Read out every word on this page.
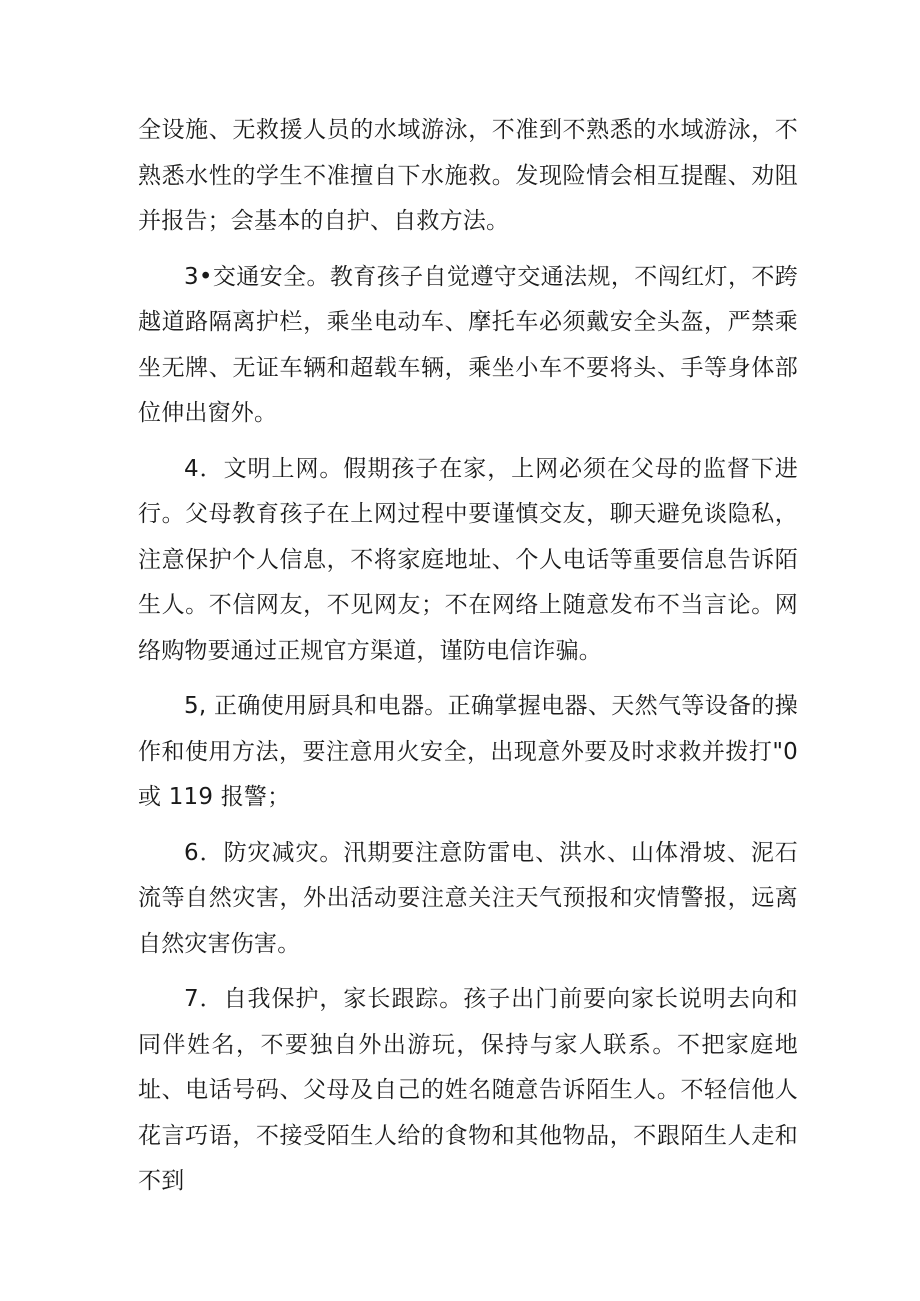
全设施、无救援人员的水域游泳，不准到不熟悉的水域游泳，不熟悉水性的学生不准擅自下水施救。发现险情会相互提醒、劝阻并报告；会基本的自护、自救方法。

3•交通安全。教育孩子自觉遵守交通法规，不闯红灯，不跨越道路隔离护栏，乘坐电动车、摩托车必须戴安全头盔，严禁乘坐无牌、无证车辆和超载车辆，乘坐小车不要将头、手等身体部位伸出窗外。

4．文明上网。假期孩子在家，上网必须在父母的监督下进行。父母教育孩子在上网过程中要谨慎交友，聊天避免谈隐私，注意保护个人信息，不将家庭地址、个人电话等重要信息告诉陌生人。不信网友，不见网友；不在网络上随意发布不当言论。网络购物要通过正规官方渠道，谨防电信诈骗。

5, 正确使用厨具和电器。正确掌握电器、天然气等设备的操作和使用方法，要注意用火安全，出现意外要及时求救并拨打"0或 119 报警；

6．防灾减灾。汛期要注意防雷电、洪水、山体滑坡、泥石流等自然灾害，外出活动要注意关注天气预报和灾情警报，远离自然灾害伤害。

7．自我保护，家长跟踪。孩子出门前要向家长说明去向和同伴姓名，不要独自外出游玩，保持与家人联系。不把家庭地址、电话号码、父母及自己的姓名随意告诉陌生人。不轻信他人花言巧语，不接受陌生人给的食物和其他物品，不跟陌生人走和不到
